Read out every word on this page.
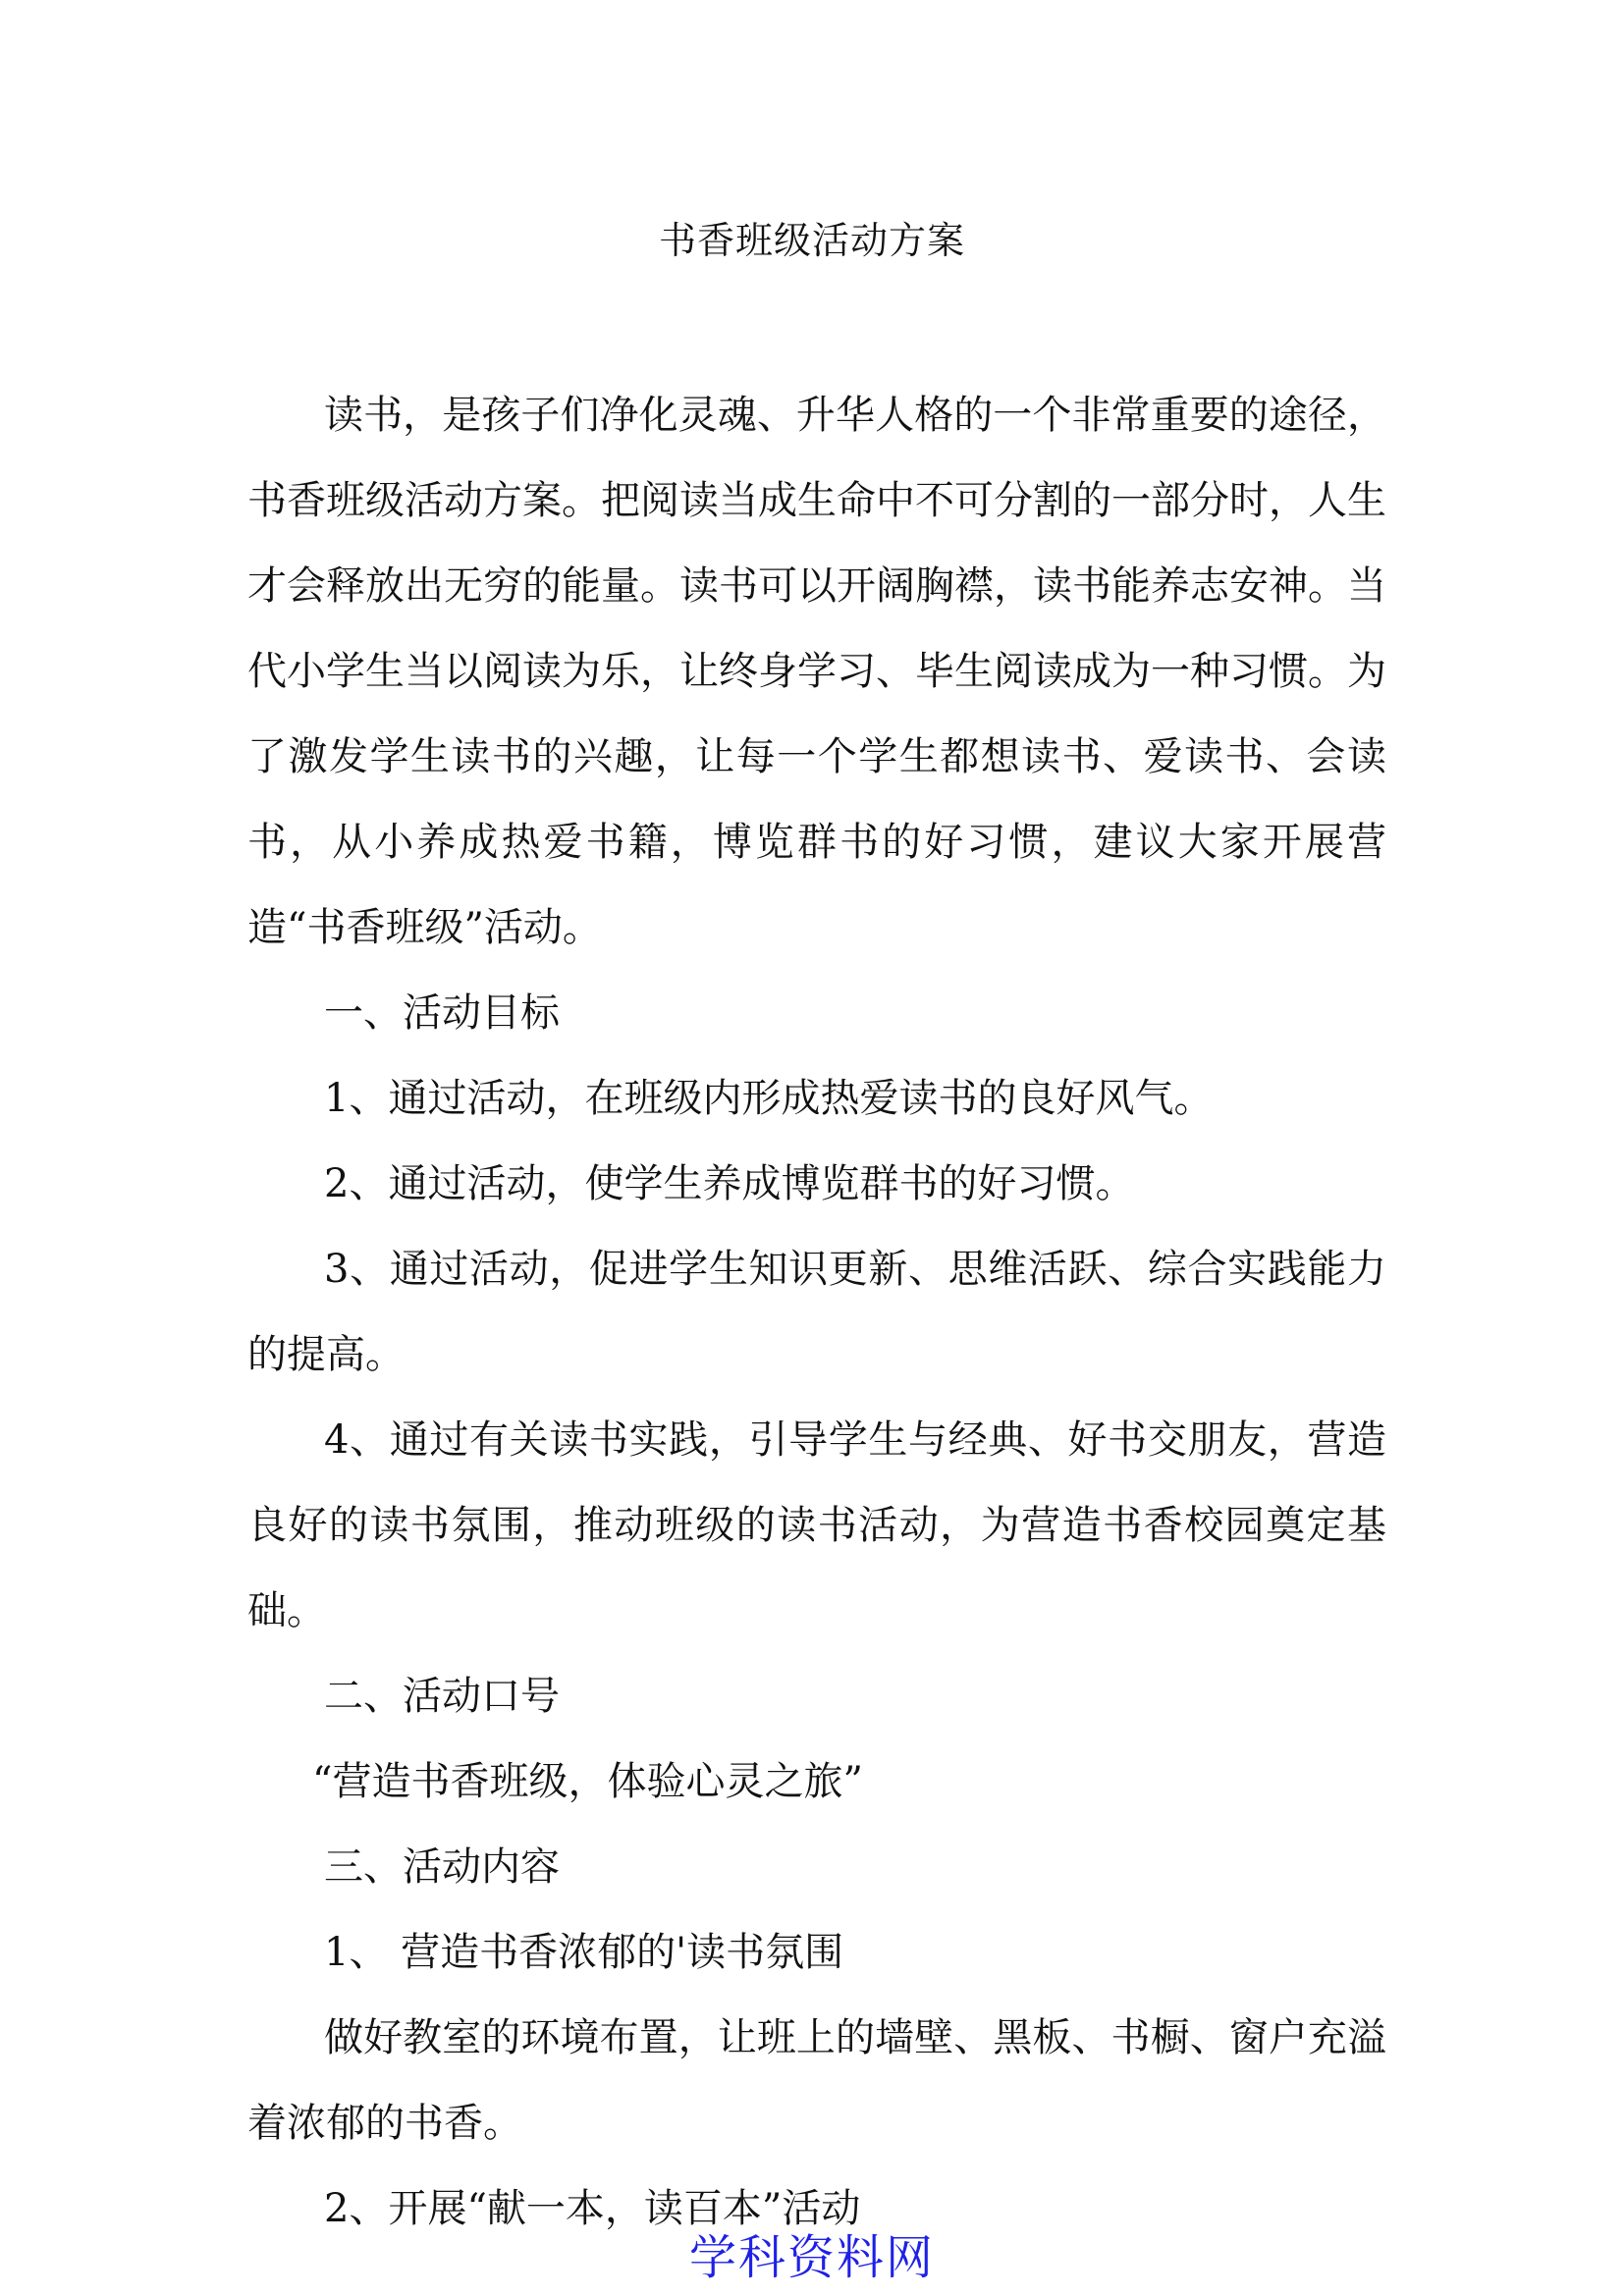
书香班级活动方案

读书，是孩子们净化灵魂、升华人格的一个非常重要的途径，书香班级活动方案。把阅读当成生命中不可分割的一部分时，人生才会释放出无穷的能量。读书可以开阔胸襟，读书能养志安神。当代小学生当以阅读为乐，让终身学习、毕生阅读成为一种习惯。为了激发学生读书的兴趣，让每一个学生都想读书、爱读书、会读书，从小养成热爱书籍，博览群书的好习惯，建议大家开展营造“书香班级”活动。

一、活动目标

1、通过活动，在班级内形成热爱读书的良好风气。

2、通过活动，使学生养成博览群书的好习惯。

3、通过活动，促进学生知识更新、思维活跃、综合实践能力的提高。

4、通过有关读书实践，引导学生与经典、好书交朋友，营造良好的读书氛围，推动班级的读书活动，为营造书香校园奠定基础。

二、活动口号

“营造书香班级，体验心灵之旅”

三、活动内容

1、 营造书香浓郁的'读书氛围

做好教室的环境布置，让班上的墙壁、黑板、书橱、窗户充溢着浓郁的书香。

2、开展“献一本，读百本”活动

学科资料网
